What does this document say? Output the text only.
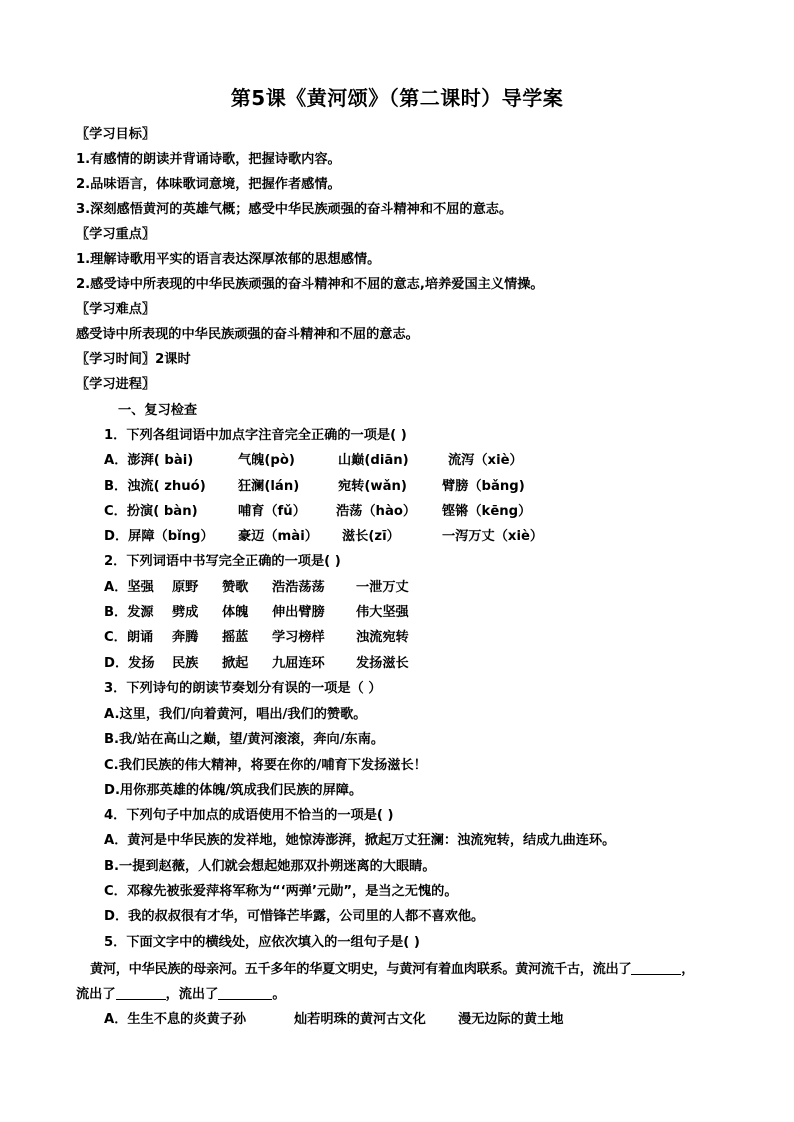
第5课《黄河颂》（第二课时）导学案
〖学习目标〗
1.有感情的朗读并背诵诗歌，把握诗歌内容。
2.品味语言，体味歌词意境，把握作者感情。
3.深刻感悟黄河的英雄气概；感受中华民族顽强的奋斗精神和不屈的意志。
〖学习重点〗
1.理解诗歌用平实的语言表达深厚浓郁的思想感情。
2.感受诗中所表现的中华民族顽强的奋斗精神和不屈的意志,培养爱国主义情操。
〖学习难点〗
感受诗中所表现的中华民族顽强的奋斗精神和不屈的意志。
〖学习时间〗2课时
〖学习进程〗
一、复习检查
1．下列各组词语中加点字注音完全正确的一项是( )
A．澎湃( bài)	气魄(pò)	山巅(diān)	流泻（xiè）
B．浊流( zhuó) 狂澜(lán)	宛转(wǎn)	臂膀（bǎng)
C．扮演( bàn)	哺育（fǔ） 浩荡（hào） 铿锵（kēng）
D．屏障（bǐng） 豪迈（mài） 滋长(zī）	一泻万丈（xiè）
2．下列词语中书写完全正确的一项是( )
A．坚强 原野 赞歌 浩浩荡荡 一泄万丈
B．发源 劈成 体魄 伸出臂膀 伟大坚强
C．朗诵 奔腾 摇蓝 学习榜样 浊流宛转
D．发扬 民族 掀起 九屈连环 发扬滋长
3．下列诗句的朗读节奏划分有误的一项是（ ）
A.这里，我们/向着黄河，唱出/我们的赞歌。
B.我/站在高山之巅，望/黄河滚滚，奔向/东南。
C.我们民族的伟大精神，将要在你的/哺育下发扬滋长！
D.用你那英雄的体魄/筑成我们民族的屏障。
4．下列句子中加点的成语使用不恰当的一项是( )
A．黄河是中华民族的发祥地，她惊涛澎湃，掀起万丈狂澜：浊流宛转，结成九曲连环。
B.一提到赵薇，人们就会想起她那双扑朔迷离的大眼睛。
C．邓稼先被张爱萍将军称为“‘两弹’元勋”，是当之无愧的。
D．我的叔叔很有才华，可惜锋芒毕露，公司里的人都不喜欢他。
5．下面文字中的横线处，应依次填入的一组句子是( )
黄河，中华民族的母亲河。五千多年的华夏文明史，与黄河有着血肉联系。黄河流千古，流出了	，
流出了	，流出了	。
A．生生不息的炎黄子孙	灿若明珠的黄河古文化 漫无边际的黄土地
